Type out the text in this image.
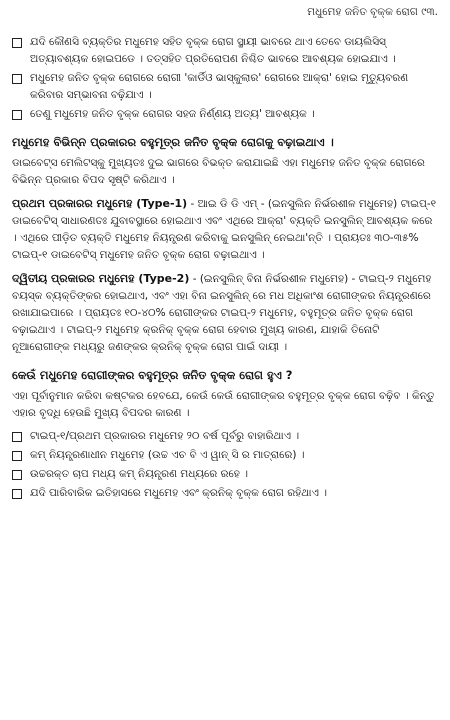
ମଧୁମେହ ଜନିତ ବୃକ୍କ ରୋଗ ୯୩.
ଯଦି କୌଣସି ବ୍ୟକ୍ତିର ମଧୁମେହ ସହିତ ବୃକ୍କ ରୋଗ ସ୍ଥାୟୀ ଭାବରେ ଥାଏ ତେବେ ଡାୟଲିସିସ୍ ଅତ୍ୟାବଶ୍ୟକ ହୋଇପଡେ । ତତ୍ସହିତ ପ୍ରତିରୋପଣ ନିଶ୍ଚିତ ଭାବରେ ଆବଶ୍ୟକ ହୋଇଯାଏ ।
ମଧୁମେହ ଜନିତ ବୃକ୍କ ରୋଗରେ ରୋଗୀ 'କାର୍ଡିଓ ଭାସ୍କୁଲାର' ରୋଗରେ ଆକ୍ରା' ହୋଇ ମୃତ୍ୟୁବରଣ କରିବାର ସମ୍ଭାବନା ବଢ଼ିଯାଏ ।
ତେଣୁ ମଧୁମେହ ଜନିତ ବୃକ୍କ ରୋଗର ସହଜ ନିର୍ଣ୍ଣୟ ଅତ୍ୟ' ଆବଶ୍ୟକ ।
ମଧୁମେହ ବିଭିନ୍ନ ପ୍ରକାରର ବହୁମୂତ୍ର ଜନିତ ବୃକ୍କ ରୋଗକୁ ବଢ଼ାଇଥାଏ ।

ଡାଇବେଟ୍ସ ମେଲିଟସ୍‌କୁ ମୁଖ୍ୟତଃ ଦୁଇ ଭାଗରେ ବିଭକ୍ତ କରାଯାଇଛି ଏହା ମଧୁମେହ ଜନିତ ବୃକ୍କ ରୋଗରେ ବିଭିନ୍ନ ପ୍ରକାର ବିପଦ ସୃଷ୍ଟି କରିଥାଏ ।

ପ୍ରଥମ ପ୍ରକାରର ମଧୁମେହ (Type-1) - ଆଇ ଡି ଡି ଏମ୍ - (ଇନସୁଲିନ ନିର୍ଭରଶୀଳ ମଧୁମେହ) ଟାଇପ୍-୧ ଡାଇବେଟିସ୍ ସାଧାରଣତଃ ଯୁବାବସ୍ଥାରେ ହୋଇଥାଏ ଏବଂ ଏଥିରେ ଆକ୍ରା' ବ୍ୟକ୍ତି ଇନସୁଲିନ୍ ଆବଶ୍ୟକ କରେ । ଏଥିରେ ପୀଡ଼ିତ ବ୍ୟକ୍ତି ମଧୁମେହ ନିୟନ୍ତ୍ରଣ କରିବାକୁ ଇନସୁଲିନ୍ ନେଇଥା'ନ୍ତି । ପ୍ରାୟତଃ ୩୦-୩୫% ଟାଇପ୍-୧ ଡାଇବେଟିସ୍ ମଧୁମେହ ଜନିତ ବୃକ୍କ ରୋଗ ବଢ଼ାଇଥାଏ ।

ଦ୍ୱିତୀୟ ପ୍ରକାରର ମଧୁମେହ (Type-2) - (ଇନସୁଲିନ୍ ବିନା ନିର୍ଭରଶୀଳ ମଧୁମେହ) - ଟାଇପ୍-୨ ମଧୁମେହ ବୟସ୍କ ବ୍ୟକ୍ତିଙ୍କର ହୋଇଥାଏ, ଏବଂ ଏହା ବିନା ଇନସୁଲିନ୍ ରେ ମଧ ଅଧିକାଂଶ ରୋଗୀଙ୍କର ନିୟନ୍ତ୍ରଣରେ ରଖାଯାଇପାରେ । ପ୍ରାୟତଃ ୧୦-୪୦% ରୋଗୀଙ୍କର ଟାଇପ୍-୨ ମଧୁମେହ, ବହୁମୂତ୍ର ଜନିତ ବୃକ୍କ ରୋଗ ବଢ଼ାଇଥାଏ । ଟାଇପ୍-୨ ମଧୁମେହ କ୍ରନିକ୍ ବୃକ୍କ ରୋଗ ହେବାର ମୁଖ୍ୟ କାରଣ, ଯାହାକି ତିନୋଟି ନୂଆରୋଗୀଙ୍କ ମଧ୍ୟରୁ ଜଣଙ୍କର କ୍ରନିକ୍ ବୃକ୍କ ରୋଗ ପାଇଁ ଦାୟୀ ।

କେଉଁ ମଧୁମେହ ରୋଗୀଙ୍କର ବହୁମୂତ୍ର ଜନିତ ବୃକ୍କ ରୋଗ ହୁଏ ?

ଏହା ପୂର୍ବାନୁମାନ କରିବା କଷ୍ଟକର ହେବଯେ, କେଉଁ କେଉଁ ରୋଗୀଙ୍କର ବହୁମୂତ୍ର ବୃକ୍କ ରୋଗ ବଢ଼ିବ । କିନ୍ତୁ ଏହାର ବୃଦ୍ଧି ହେଉଛି ମୁଖ୍ୟ ବିପଦର କାରଣ ।

ଟାଇପ୍-୧/ପ୍ରଥମ ପ୍ରକାରର ମଧୁମେହ ୨୦ ବର୍ଷ ପୂର୍ବରୁ ବାହାରିଥାଏ ।
କମ୍ ନିୟନ୍ତ୍ରଣାଧୀନ ମଧୁମେହ (ଉଚ୍ଚ ଏଚ ବି ଏ ୱାନ୍ ସି ର ମାତ୍ରାରେ) ।
ଉଚ୍ଚରକ୍ତ ଚାପ ମଧ୍ୟ କମ୍ ନିୟନ୍ତ୍ରଣ ମଧ୍ୟରେ ରହେ ।
ଯଦି ପାରିବାରିକ ଇତିହାସରେ ମଧୁମେହ ଏବଂ କ୍ରନିକ୍ ବୃକ୍କ ରୋଗ ରହିଥାଏ ।
